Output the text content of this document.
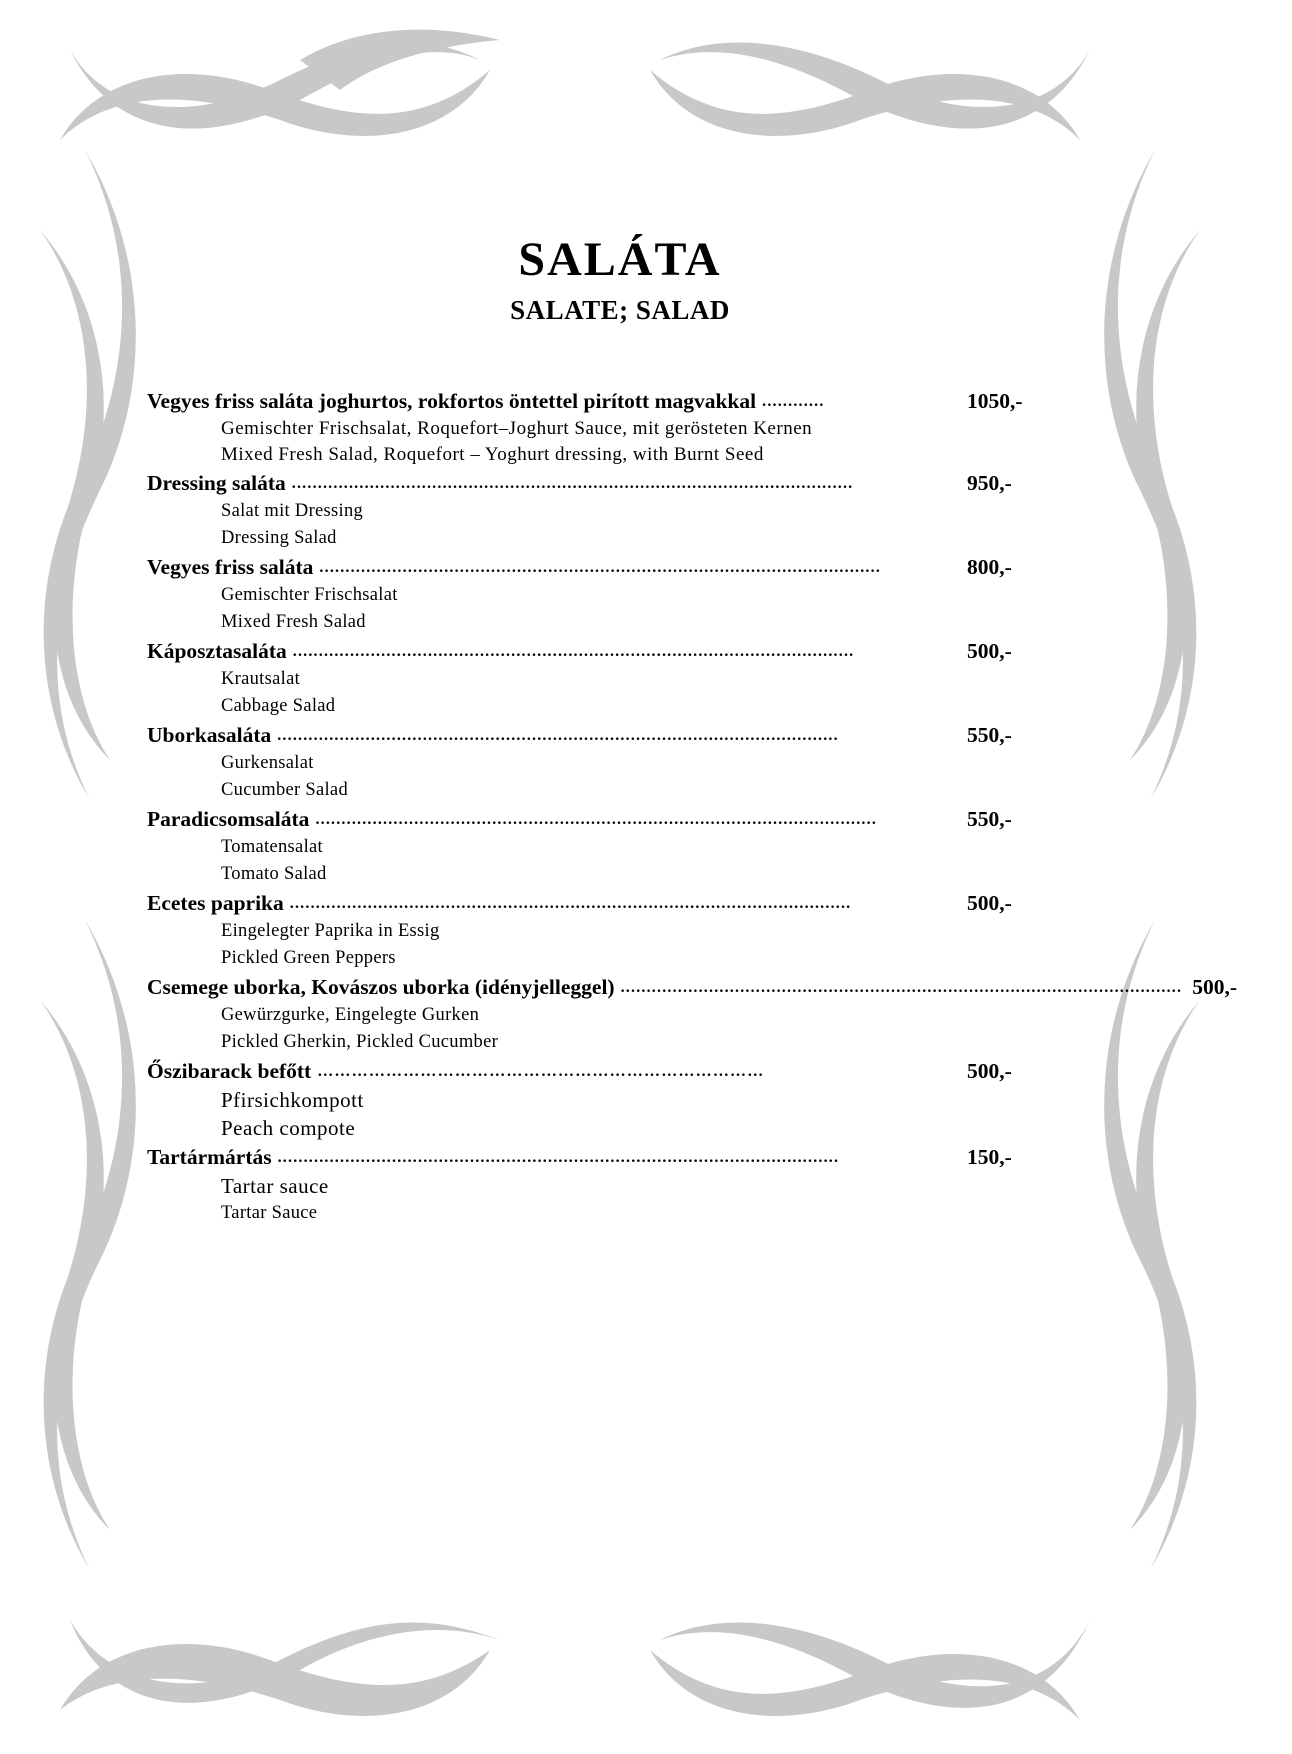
SALÁTA
SALATE; SALAD
Vegyes friss saláta joghurtos, rokfortos öntettel pirított magvakkal ............	1050,-
Gemischter Frischsalat, Roquefort–Joghurt Sauce, mit gerösteten Kernen
Mixed Fresh Salad, Roquefort – Yoghurt dressing, with Burnt Seed
Dressing saláta ............................................................................................................	950,-
Salat mit Dressing
Dressing Salad
Vegyes friss saláta ............................................................................................................	800,-
Gemischter Frischsalat
Mixed Fresh Salad
Káposztasaláta ............................................................................................................	500,-
Krautsalat
Cabbage Salad
Uborkasaláta ............................................................................................................	550,-
Gurkensalat
Cucumber Salad
Paradicsomsaláta ............................................................................................................	550,-
Tomatensalat
Tomato Salad
Ecetes paprika ............................................................................................................	500,-
Eingelegter Paprika in Essig
Pickled Green Peppers
Csemege uborka, Kovászos uborka (idényjelleggel) ............................................................................................................ 500,-
Gewürzgurke, Eingelegte Gurken
Pickled Gherkin, Pickled Cucumber
Őszibarack befőtt ……………………………………………………………………	500,-
Pfirsichkompott
Peach compote
Tartármártás ............................................................................................................	150,-
Tartar sauce
Tartar Sauce
